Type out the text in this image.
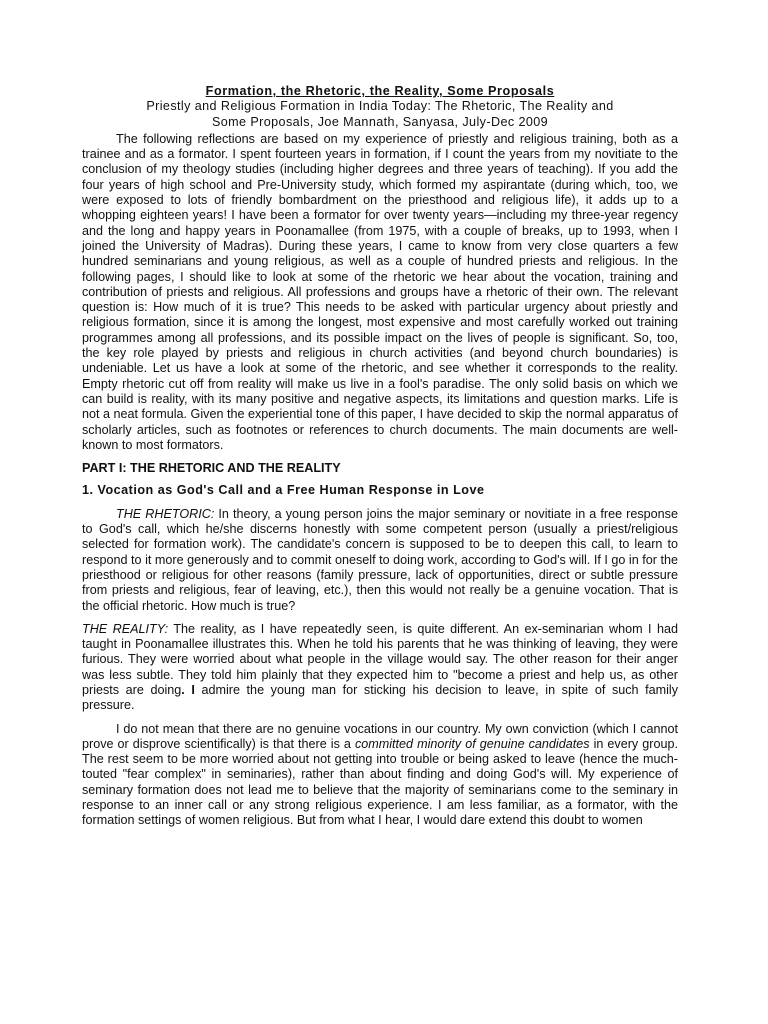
Formation, the Rhetoric, the Reality, Some Proposals

Priestly and Religious Formation in India Today: The Rhetoric, The Reality and

Some Proposals, Joe Mannath, Sanyasa, July-Dec 2009

The following reflections are based on my experience of priestly and religious training, both as a trainee and as a formator. I spent fourteen years in formation, if I count the years from my novitiate to the conclusion of my theology studies (including higher degrees and three years of teaching). If you add the four years of high school and Pre-University study, which formed my aspirantate (during which, too, we were exposed to lots of friendly bombardment on the priesthood and religious life), it adds up to a whopping eighteen years! I have been a formator for over twenty years—including my three-year regency and the long and happy years in Poonamallee (from 1975, with a couple of breaks, up to 1993, when I joined the University of Madras). During these years, I came to know from very close quarters a few hundred seminarians and young religious, as well as a couple of hundred priests and religious. In the following pages, I should like to look at some of the rhetoric we hear about the vocation, training and contribution of priests and religious. All professions and groups have a rhetoric of their own. The relevant question is: How much of it is true? This needs to be asked with particular urgency about priestly and religious formation, since it is among the longest, most expensive and most carefully worked out training programmes among all professions, and its possible impact on the lives of people is significant. So, too, the key role played by priests and religious in church activities (and beyond church boundaries) is undeniable. Let us have a look at some of the rhetoric, and see whether it corresponds to the reality. Empty rhetoric cut off from reality will make us live in a fool's paradise. The only solid basis on which we can build is reality, with its many positive and negative aspects, its limitations and question marks. Life is not a neat formula. Given the experiential tone of this paper, I have decided to skip the normal apparatus of scholarly articles, such as footnotes or references to church documents. The main documents are well-known to most formators.

PART I: THE RHETORIC AND THE REALITY

1. Vocation as God's Call and a Free Human Response in Love

THE RHETORIC: In theory, a young person joins the major seminary or novitiate in a free response to God's call, which he/she discerns honestly with some competent person (usually a priest/religious selected for formation work). The candidate's concern is supposed to be to deepen this call, to learn to respond to it more generously and to commit oneself to doing work, according to God's will. If I go in for the priesthood or religious for other reasons (family pressure, lack of opportunities, direct or subtle pressure from priests and religious, fear of leaving, etc.), then this would not really be a genuine vocation. That is the official rhetoric. How much is true?

THE REALITY: The reality, as I have repeatedly seen, is quite different. An ex-seminarian whom I had taught in Poonamallee illustrates this. When he told his parents that he was thinking of leaving, they were furious. They were worried about what people in the village would say. The other reason for their anger was less subtle. They told him plainly that they expected him to "become a priest and help us, as other priests are doing. I admire the young man for sticking his decision to leave, in spite of such family pressure.

I do not mean that there are no genuine vocations in our country. My own conviction (which I cannot prove or disprove scientifically) is that there is a committed minority of genuine candidates in every group. The rest seem to be more worried about not getting into trouble or being asked to leave (hence the much-touted "fear complex" in seminaries), rather than about finding and doing God's will. My experience of seminary formation does not lead me to believe that the majority of seminarians come to the seminary in response to an inner call or any strong religious experience. I am less familiar, as a formator, with the formation settings of women religious. But from what I hear, I would dare extend this doubt to women
